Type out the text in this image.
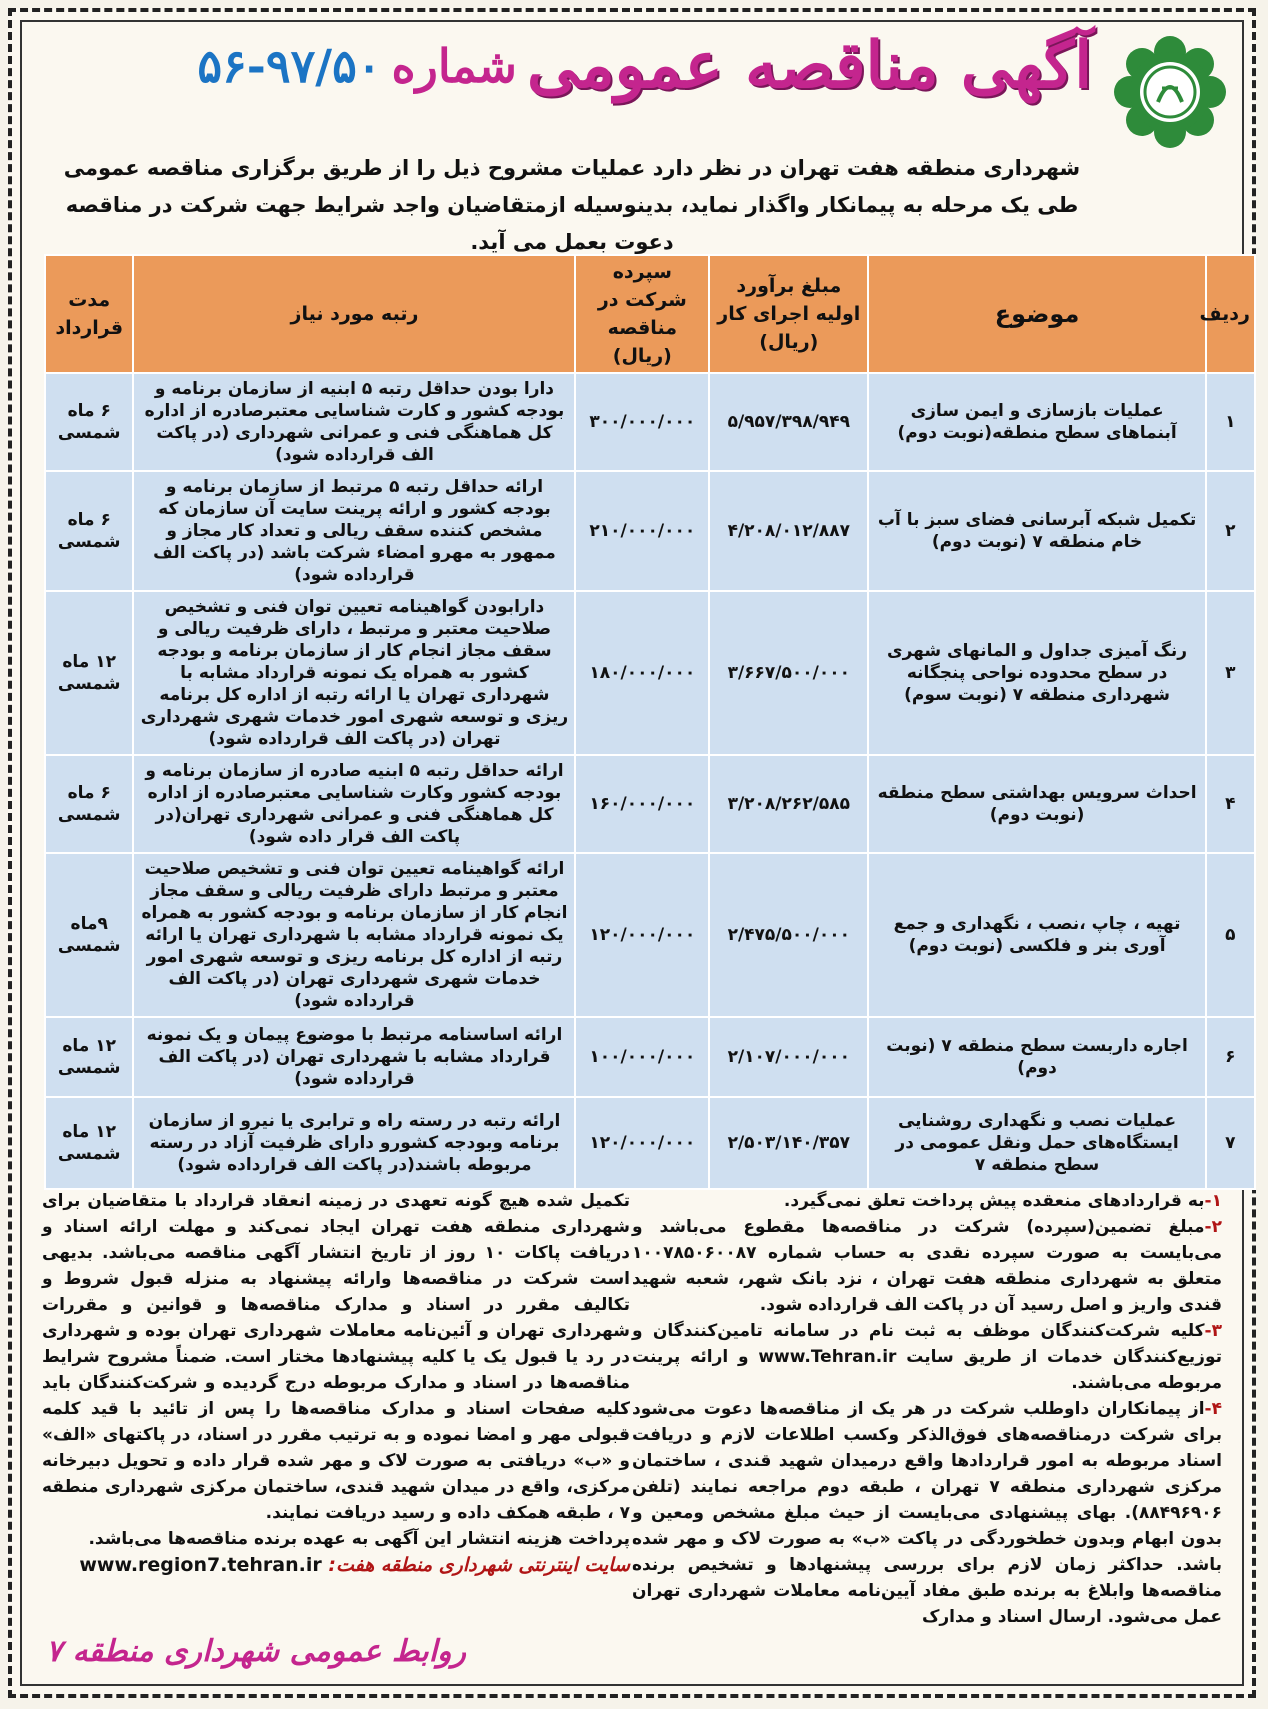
آگهی مناقصه عمومی
شماره
۵۶-۹۷/۵۰
شهرداری منطقه هفت تهران در نظر دارد عملیات مشروح ذیل را از طریق برگزاری مناقصه عمومی
طی یک مرحله به پیمانکار واگذار نماید، بدینوسیله ازمتقاضیان واجد شرایط جهت شرکت در مناقصه دعوت بعمل می آید.
ردیف	موضوع	مبلغ برآورد اولیه اجرای کار (ریال)	سپرده شرکت در مناقصه (ریال)	رتبه مورد نیاز	مدت قرارداد
۱	عملیات بازسازی و ایمن سازی آبنماهای سطح منطقه(نوبت دوم)	۵/۹۵۷/۳۹۸/۹۴۹	۳۰۰/۰۰۰/۰۰۰	دارا بودن حداقل رتبه ۵ ابنیه از سازمان برنامه و بودجه کشور و کارت شناسایی معتبرصادره از اداره کل هماهنگی فنی و عمرانی شهرداری (در پاکت الف قرارداده شود)	۶ ماه شمسی
۲	تکمیل شبکه آبرسانی فضای سبز با آب خام منطقه ۷ (نوبت دوم)	۴/۲۰۸/۰۱۲/۸۸۷	۲۱۰/۰۰۰/۰۰۰	ارائه حداقل رتبه ۵ مرتبط از سازمان برنامه و بودجه کشور و ارائه پرینت سایت آن سازمان که مشخص کننده سقف ریالی و تعداد کار مجاز و ممهور به مهرو امضاء شرکت باشد (در پاکت الف قرارداده شود)	۶ ماه شمسی
۳	رنگ آمیزی جداول و المانهای شهری در سطح محدوده نواحی پنجگانه شهرداری منطقه ۷ (نوبت سوم)	۳/۶۶۷/۵۰۰/۰۰۰	۱۸۰/۰۰۰/۰۰۰	دارابودن گواهینامه تعیین توان فنی و تشخیص صلاحیت معتبر و مرتبط ، دارای ظرفیت ریالی و سقف مجاز انجام کار از سازمان برنامه و بودجه کشور به همراه یک نمونه قرارداد مشابه با شهرداری تهران یا ارائه رتبه از اداره کل برنامه ریزی و توسعه شهری امور خدمات شهری شهرداری تهران (در پاکت الف قرارداده شود)	۱۲ ماه شمسی
۴	احداث سرویس بهداشتی سطح منطقه (نوبت دوم)	۳/۲۰۸/۲۶۲/۵۸۵	۱۶۰/۰۰۰/۰۰۰	ارائه حداقل رتبه ۵ ابنیه صادره از سازمان برنامه و بودجه کشور وکارت شناسایی معتبرصادره از اداره کل هماهنگی فنی و عمرانی شهرداری تهران(در پاکت الف قرار داده شود)	۶ ماه شمسی
۵	تهیه ، چاپ ،نصب ، نگهداری و جمع آوری بنر و فلکسی (نوبت دوم)	۲/۴۷۵/۵۰۰/۰۰۰	۱۲۰/۰۰۰/۰۰۰	ارائه گواهینامه تعیین توان فنی و تشخیص صلاحیت معتبر و مرتبط دارای ظرفیت ریالی و سقف مجاز انجام کار از سازمان برنامه و بودجه کشور به همراه یک نمونه قرارداد مشابه با شهرداری تهران یا ارائه رتبه از اداره کل برنامه ریزی و توسعه شهری امور خدمات شهری شهرداری تهران (در پاکت الف قرارداده شود)	۹ماه شمسی
۶	اجاره داربست سطح منطقه ۷ (نوبت دوم)	۲/۱۰۷/۰۰۰/۰۰۰	۱۰۰/۰۰۰/۰۰۰	ارائه اساسنامه مرتبط با موضوع پیمان و یک نمونه قرارداد مشابه با شهرداری تهران (در پاکت الف قرارداده شود)	۱۲ ماه شمسی
۷	عملیات نصب و نگهداری روشنایی ایستگاه‌های حمل ونقل عمومی در سطح منطقه ۷	۲/۵۰۳/۱۴۰/۳۵۷	۱۲۰/۰۰۰/۰۰۰	ارائه رتبه در رسته راه و ترابری یا نیرو از سازمان برنامه وبودجه کشورو دارای ظرفیت آزاد در رسته مربوطه باشند(در پاکت الف قرارداده شود)	۱۲ ماه شمسی

۱-به قراردادهای منعقده پیش پرداخت تعلق نمی‌گیرد.

۲-مبلغ تضمین(سپرده) شرکت در مناقصه‌ها مقطوع می‌باشد و می‌بایست به صورت سپرده نقدی به حساب شماره ۱۰۰۷۸۵۰۶۰۰۸۷ متعلق به شهرداری منطقه هفت تهران ، نزد بانک شهر، شعبه شهید قندی واریز و اصل رسید آن در پاکت الف قرارداده شود.

۳-کلیه شرکت‌کنندگان موظف به ثبت نام در سامانه تامین‌کنندگان و توزیع‌کنندگان خدمات از طریق سایت www.Tehran.ir و ارائه پرینت مربوطه می‌باشند.

۴-از پیمانکاران داوطلب شرکت در هر یک از مناقصه‌ها دعوت می‌شود برای شرکت درمناقصه‌های فوق‌الذکر وکسب اطلاعات لازم و دریافت اسناد مربوطه به امور قراردادها واقع درمیدان شهید قندی ، ساختمان مرکزی شهرداری منطقه ۷ تهران ، طبقه دوم مراجعه نمایند (تلفن ۸۸۴۹۶۹۰۶). بهای پیشنهادی می‌بایست از حیث مبلغ مشخص ومعین و بدون ابهام وبدون خطخوردگی در پاکت «ب» به صورت لاک و مهر شده باشد. حداکثر زمان لازم برای بررسی پیشنهادها و تشخیص برنده مناقصه‌ها وابلاغ به برنده طبق مفاد آیین‌نامه معاملات شهرداری تهران عمل می‌شود. ارسال اسناد و مدارک

تکمیل شده هیچ گونه تعهدی در زمینه انعقاد قرارداد با متقاضیان برای شهرداری منطقه هفت تهران ایجاد نمی‌کند و مهلت ارائه اسناد و دریافت پاکات ۱۰ روز از تاریخ انتشار آگهی مناقصه می‌باشد. بدیهی است شرکت در مناقصه‌ها وارائه پیشنهاد به منزله قبول شروط و تکالیف مقرر در اسناد و مدارک مناقصه‌ها و قوانین و مقررات شهرداری تهران و آئین‌نامه معاملات شهرداری تهران بوده و شهرداری در رد یا قبول یک یا کلیه پیشنهادها مختار است. ضمناً مشروح شرایط مناقصه‌ها در اسناد و مدارک مربوطه درج گردیده و شرکت‌کنندگان باید کلیه صفحات اسناد و مدارک مناقصه‌ها را پس از تائید با قید کلمه قبولی مهر و امضا نموده و به ترتیب مقرر در اسناد، در پاکتهای «الف» و «ب» دریافتی به صورت لاک و مهر شده قرار داده و تحویل دبیرخانه مرکزی، واقع در میدان شهید قندی، ساختمان مرکزی شهرداری منطقه ۷ ، طبقه همکف داده و رسید دریافت نمایند.

پرداخت هزینه انتشار این آگهی به عهده برنده مناقصه‌ها می‌باشد.

سایت اینترنتی شهرداری منطقه هفت: www.region7.tehran.ir

روابط عمومی شهرداری منطقه ۷
